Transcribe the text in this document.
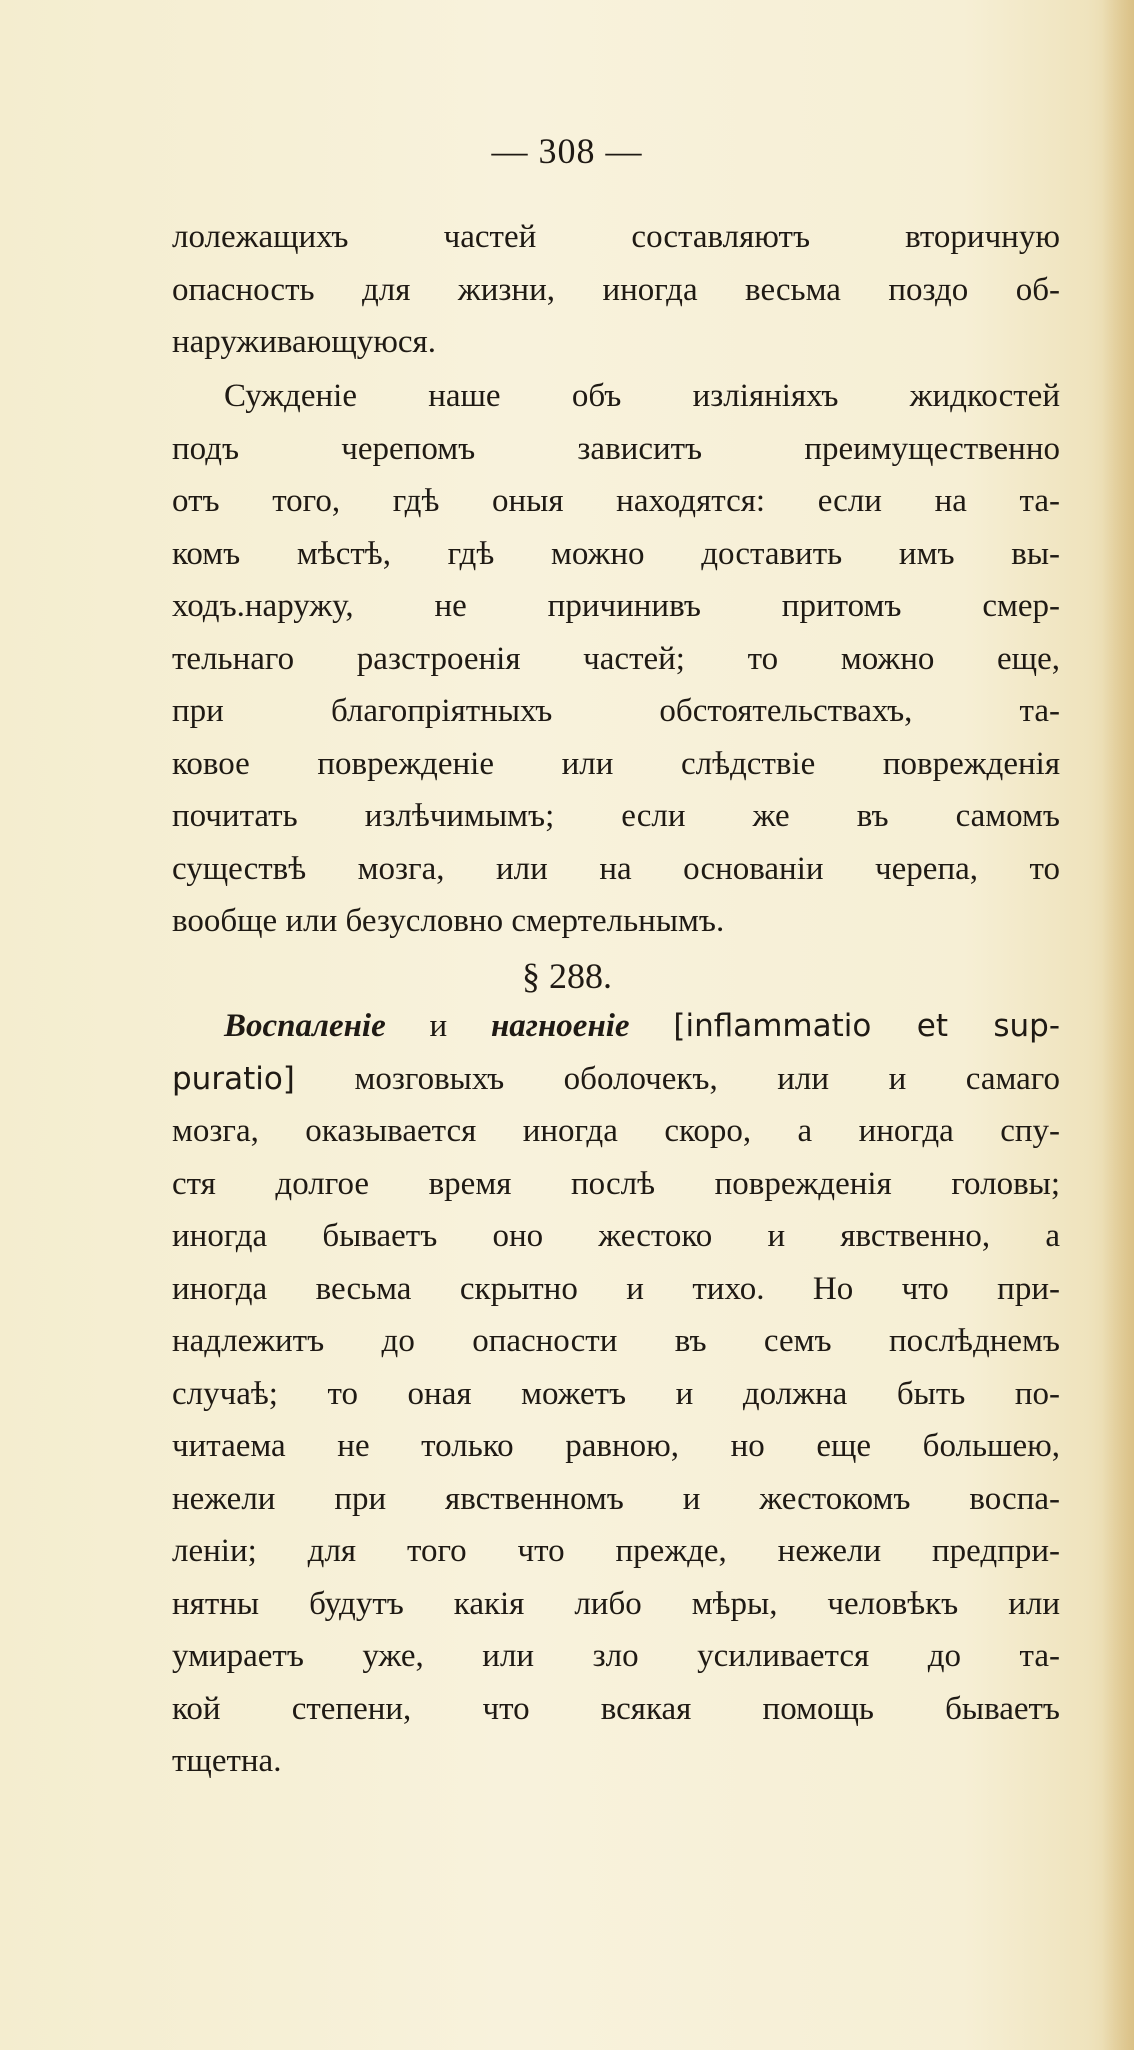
— 308 —
лолежащихъ частей составляютъ вторичную
опасность для жизни, иногда весьма поздо об-
наруживающуюся.
Сужденіе наше объ изліяніяхъ жидкостей
подъ черепомъ зависитъ преимущественно
отъ того, гдѣ оныя находятся: если на та-
комъ мѣстѣ, гдѣ можно доставить имъ вы-
ходъ.наружу, не причинивъ притомъ смер-
тельнаго разстроенія частей; то можно еще,
при благопріятныхъ обстоятельствахъ, та-
ковое поврежденіе или слѣдствіе поврежденія
почитать излѣчимымъ; если же въ самомъ
существѣ мозга, или на основаніи черепа, то
вообще или безусловно смертельнымъ.
§ 288.
Воспаленіе и нагноеніе [inflammatio et sup-
puratio] мозговыхъ оболочекъ, или и самаго
мозга, оказывается иногда скоро, а иногда спу-
стя долгое время послѣ поврежденія головы;
иногда бываетъ оно жестоко и явственно, а
иногда весьма скрытно и тихо. Но что при-
надлежитъ до опасности въ семъ послѣднемъ
случаѣ; то оная можетъ и должна быть по-
читаема не только равною, но еще большею,
нежели при явственномъ и жестокомъ воспа-
леніи; для того что прежде, нежели предпри-
нятны будутъ какія либо мѣры, человѣкъ или
умираетъ уже, или зло усиливается до та-
кой степени, что всякая помощь бываетъ
тщетна.
